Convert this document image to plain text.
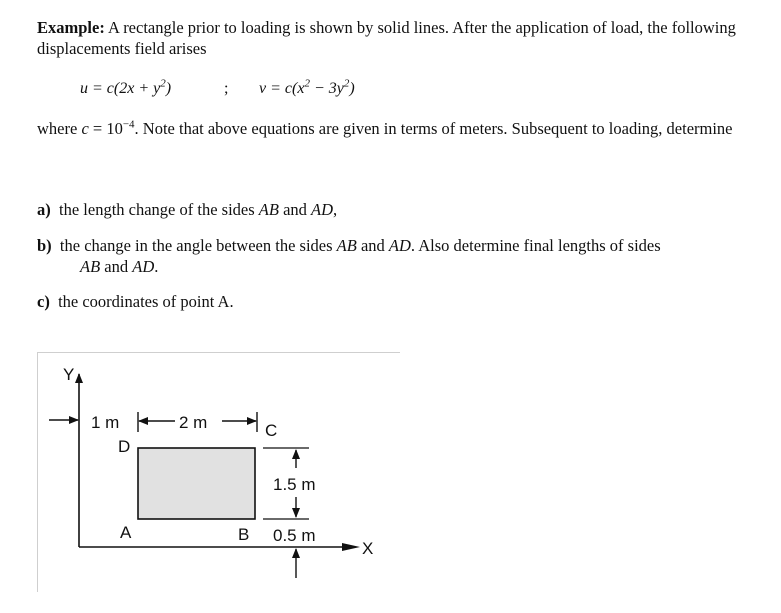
Example: A rectangle prior to loading is shown by solid lines. After the application of load, the following displacements field arises
$u = c(2x + y^2)$	; $v = c(x^2 - 3y^2)$
where $c = 10^{-4}$. Note that above equations are given in terms of meters. Subsequent to loading, determine
a) the length change of the sides AB and AD,
b) the change in the angle between the sides AB and AD. Also determine final lengths of sides
AB and AD.
c) the coordinates of point A.
Y
X
1 m	2 m	C
D
A	B
1.5 m
0.5 m
